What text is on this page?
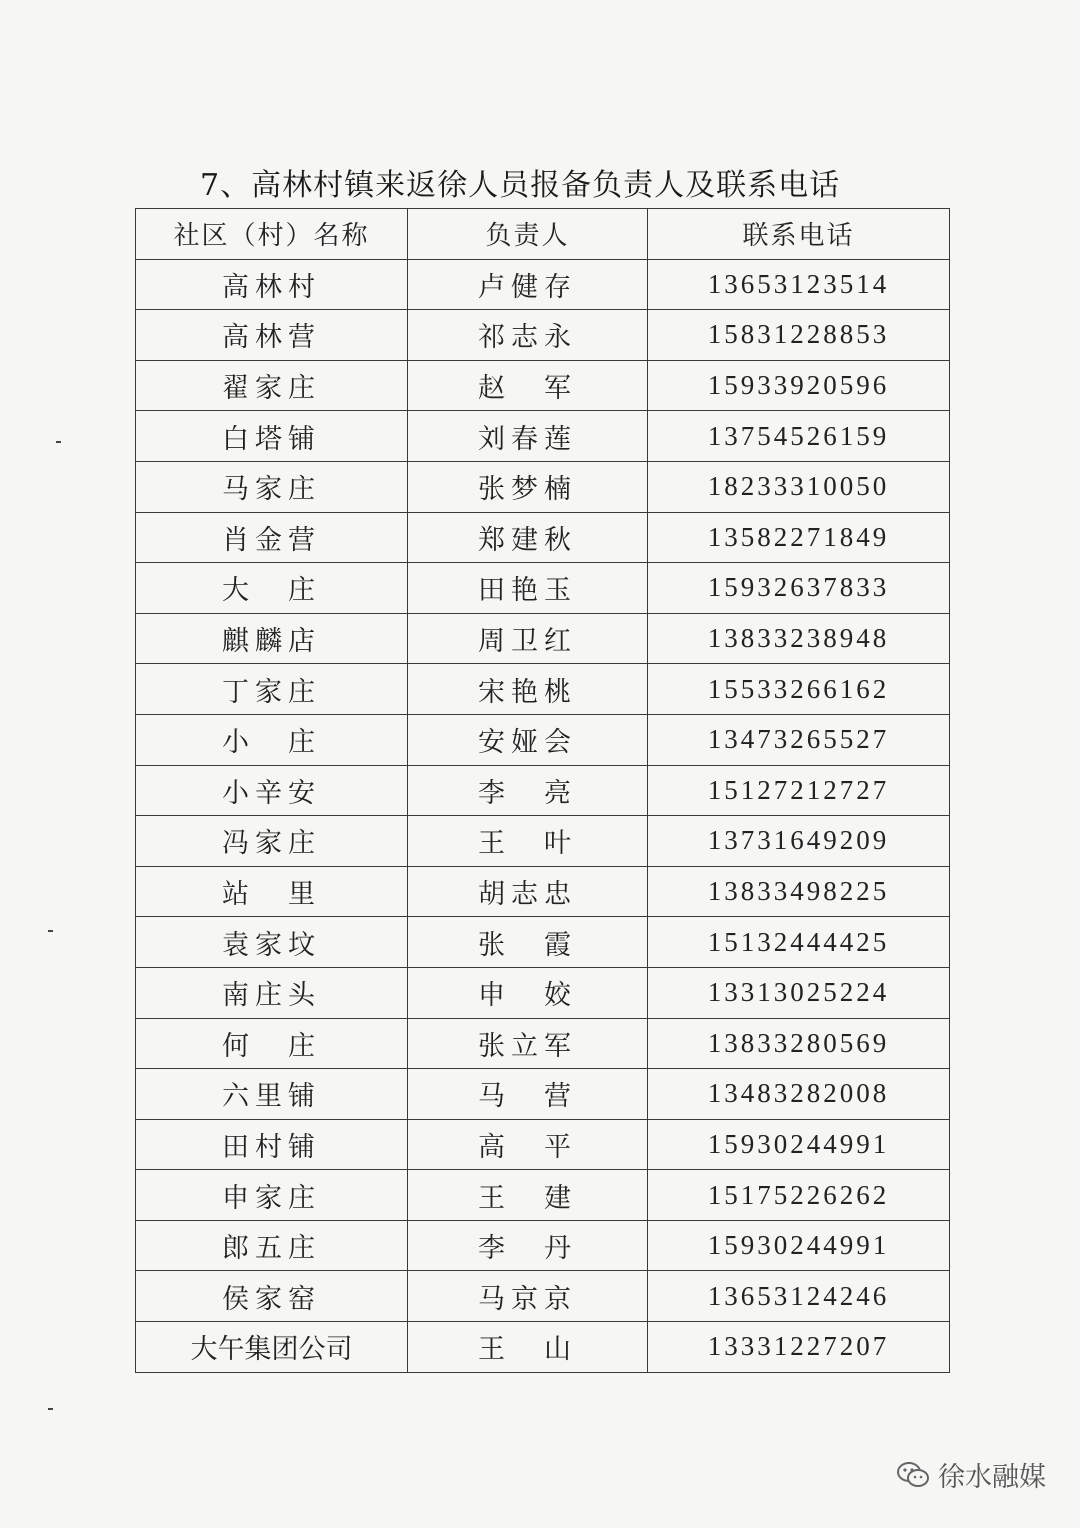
7、高林村镇来返徐人员报备负责人及联系电话
社区（村）名称	负责人	联系电话
高林村	卢健存	13653123514
高林营	祁志永	15831228853
翟家庄	赵　军	15933920596
白塔铺	刘春莲	13754526159
马家庄	张梦楠	18233310050
肖金营	郑建秋	13582271849
大　庄	田艳玉	15932637833
麒麟店	周卫红	13833238948
丁家庄	宋艳桃	15533266162
小　庄	安娅会	13473265527
小辛安	李　亮	15127212727
冯家庄	王　叶	13731649209
站　里	胡志忠	13833498225
袁家坟	张　霞	15132444425
南庄头	申　姣	13313025224
何　庄	张立军	13833280569
六里铺	马　营	13483282008
田村铺	高　平	15930244991
申家庄	王　建	15175226262
郎五庄	李　丹	15930244991
侯家窑	马京京	13653124246
大午集团公司	王　山	13331227207
徐水融媒
